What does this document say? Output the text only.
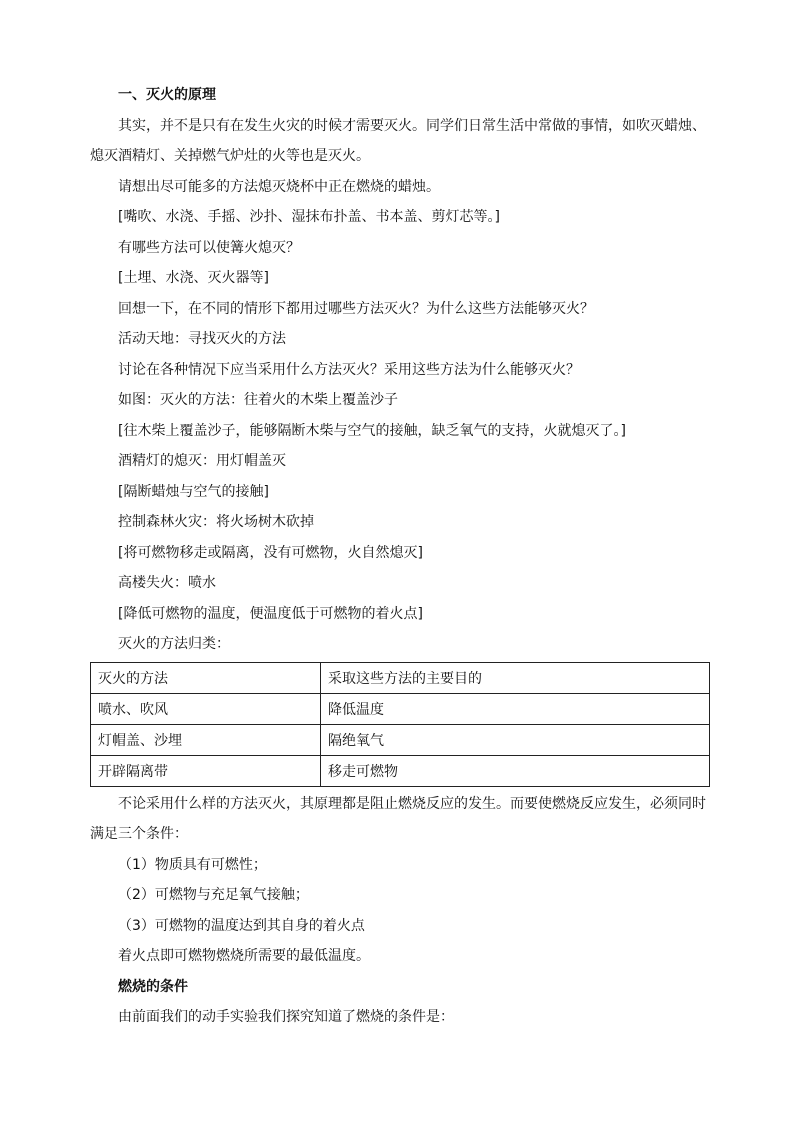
一、灭火的原理

其实，并不是只有在发生火灾的时候才需要灭火。同学们日常生活中常做的事情，如吹灭蜡烛、熄灭酒精灯、关掉燃气炉灶的火等也是灭火。

请想出尽可能多的方法熄灭烧杯中正在燃烧的蜡烛。

[嘴吹、水浇、手摇、沙扑、湿抹布扑盖、书本盖、剪灯芯等。]

有哪些方法可以使篝火熄灭？

[土埋、水浇、灭火器等]

回想一下，在不同的情形下都用过哪些方法灭火？为什么这些方法能够灭火？

活动天地：寻找灭火的方法

讨论在各种情况下应当采用什么方法灭火？采用这些方法为什么能够灭火？

如图：灭火的方法：往着火的木柴上覆盖沙子

[往木柴上覆盖沙子，能够隔断木柴与空气的接触，缺乏氧气的支持，火就熄灭了。]

酒精灯的熄灭：用灯帽盖灭

[隔断蜡烛与空气的接触]

控制森林火灾：将火场树木砍掉

[将可燃物移走或隔离，没有可燃物，火自然熄灭]

高楼失火：喷水

[降低可燃物的温度，便温度低于可燃物的着火点]

灭火的方法归类：

灭火的方法	采取这些方法的主要目的
喷水、吹风	降低温度
灯帽盖、沙埋	隔绝氧气
开辟隔离带	移走可燃物

不论采用什么样的方法灭火，其原理都是阻止燃烧反应的发生。而要使燃烧反应发生，必须同时满足三个条件：

（1）物质具有可燃性；

（2）可燃物与充足氧气接触；

（3）可燃物的温度达到其自身的着火点

着火点即可燃物燃烧所需要的最低温度。

燃烧的条件

由前面我们的动手实验我们探究知道了燃烧的条件是：
